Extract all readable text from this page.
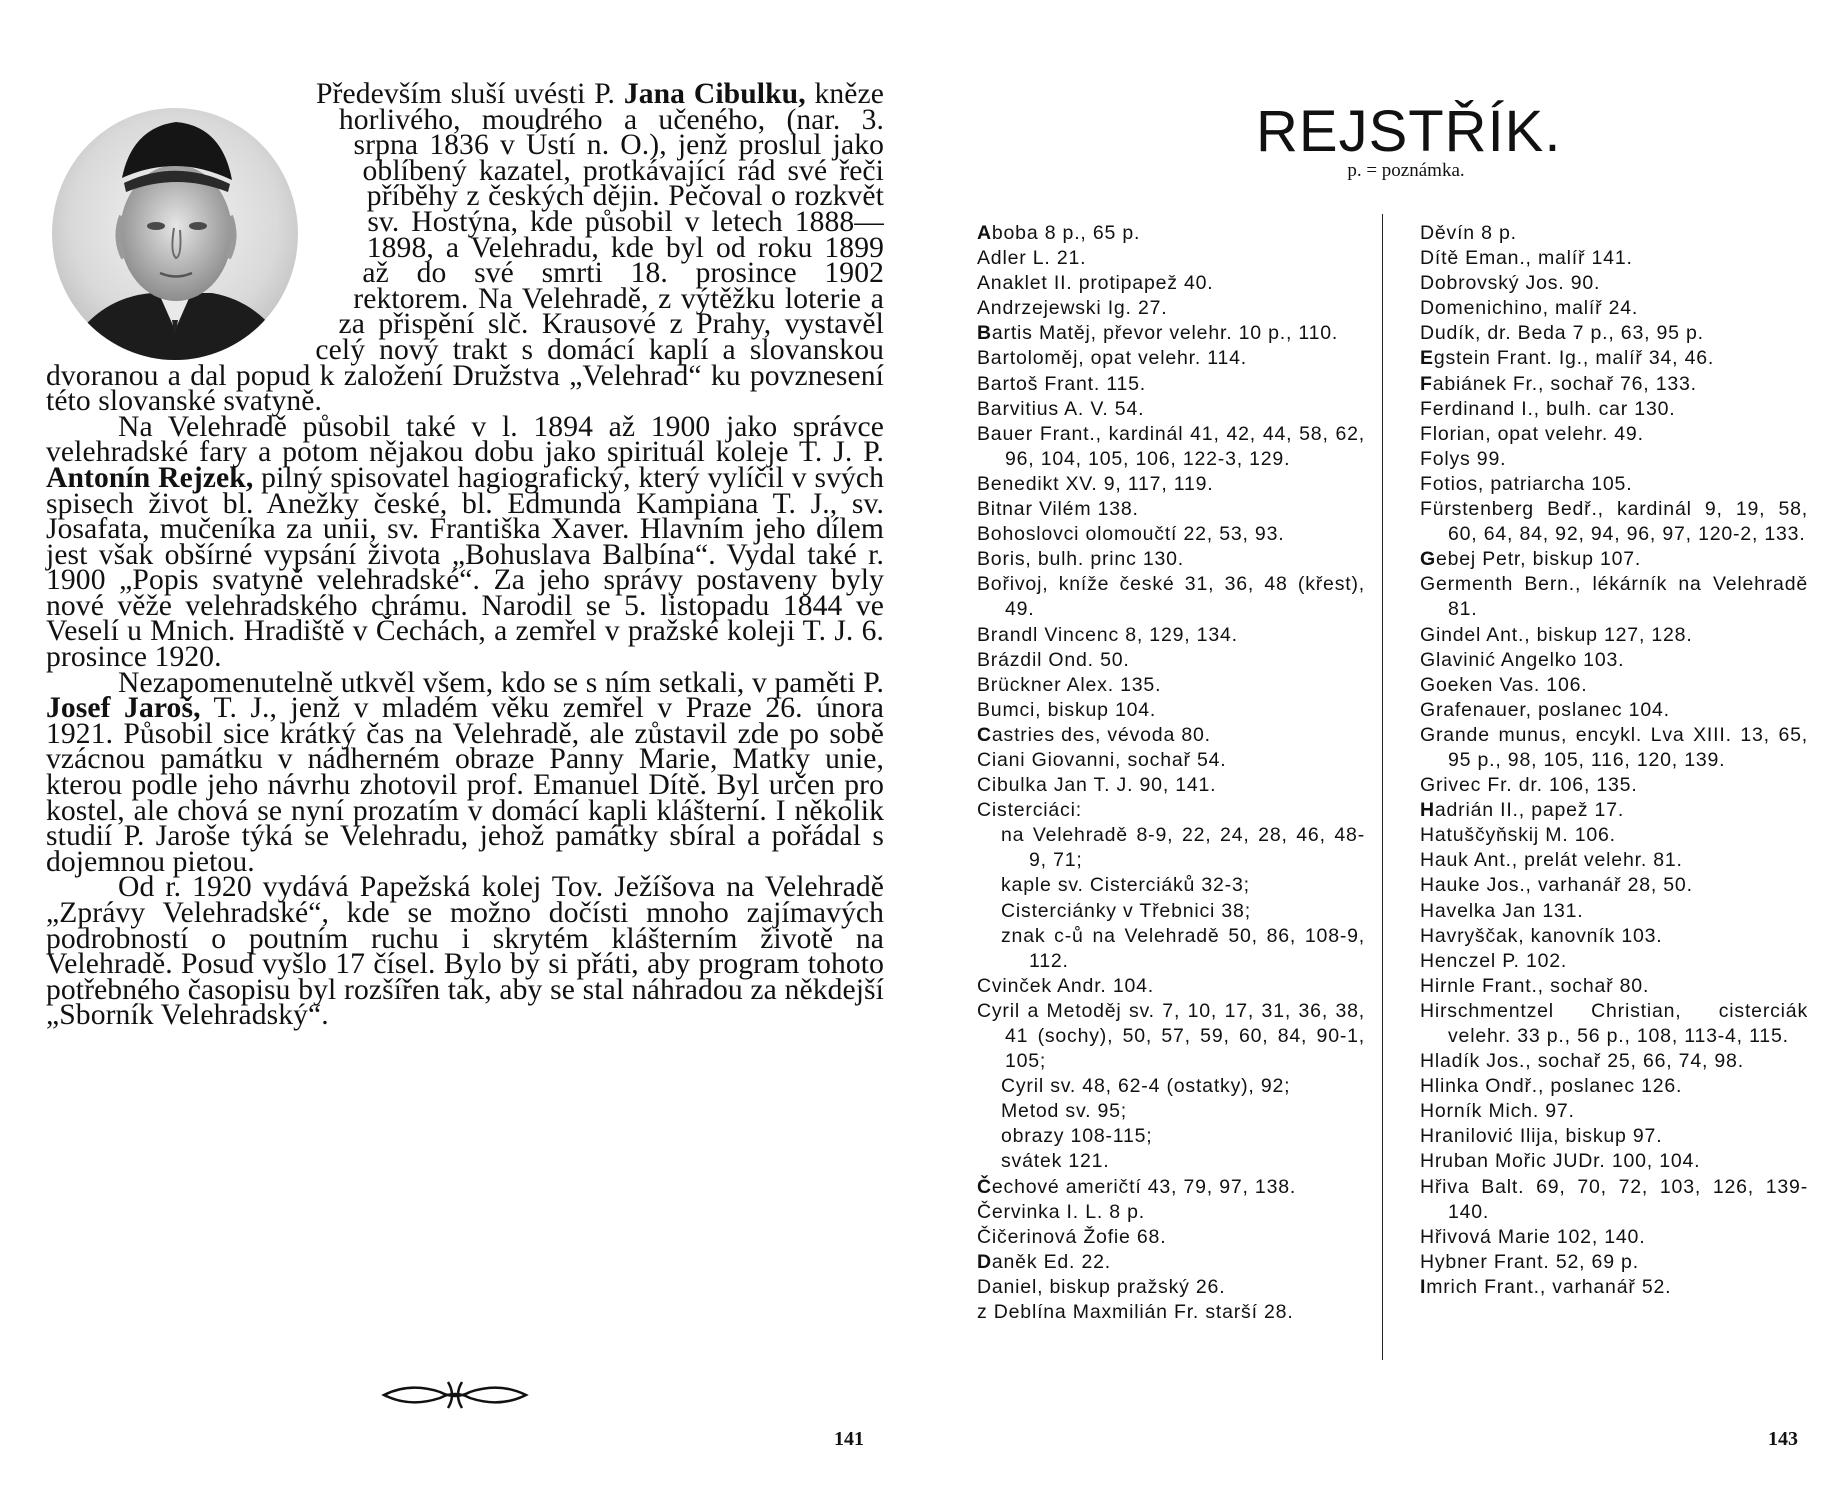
Především sluší uvésti P. Jana Cibulku, kněze horlivého, moudrého a učeného, (nar. 3. srpna 1836 v Ústí n. O.), jenž proslul jako oblíbený kazatel, protkávající rád své řeči příběhy z českých dějin. Pečoval o rozkvět sv. Hostýna, kde působil v letech 1888—1898, a Velehradu, kde byl od roku 1899 až do své smrti 18. prosince 1902 rektorem. Na Velehradě, z výtěžku loterie a za přispění slč. Krausové z Prahy, vystavěl celý nový trakt s domácí kaplí a slovanskou dvoranou a dal popud k založení Družstva „Velehrad“ ku povznesení této slovanské svatyně.

Na Velehradě působil také v l. 1894 až 1900 jako správce velehradské fary a potom nějakou dobu jako spirituál koleje T. J. P. Antonín Rejzek, pilný spisovatel hagiografický, který vylíčil v svých spisech život bl. Anežky české, bl. Edmunda Kampiana T. J., sv. Josafata, mučeníka za unii, sv. Františka Xaver. Hlavním jeho dílem jest však obšírné vypsání života „Bohuslava Balbína“. Vydal také r. 1900 „Popis svatyně velehradské“. Za jeho správy postaveny byly nové věže velehradského chrámu. Narodil se 5. listopadu 1844 ve Veselí u Mnich. Hradiště v Čechách, a zemřel v pražské koleji T. J. 6. prosince 1920.

Nezapomenutelně utkvěl všem, kdo se s ním setkali, v paměti P. Josef Jaroš, T. J., jenž v mladém věku zemřel v Praze 26. února 1921. Působil sice krátký čas na Velehradě, ale zůstavil zde po sobě vzácnou památku v nádherném obraze Panny Marie, Matky unie, kterou podle jeho návrhu zhotovil prof. Emanuel Dítě. Byl určen pro kostel, ale chová se nyní prozatím v domácí kapli klášterní. I několik studií P. Jaroše týká se Velehradu, jehož památky sbíral a pořádal s dojemnou pietou.

Od r. 1920 vydává Papežská kolej Tov. Ježíšova na Velehradě „Zprávy Velehradské“, kde se možno dočísti mnoho zajímavých podrobností o poutním ruchu i skrytém klášterním životě na Velehradě. Posud vyšlo 17 čísel. Bylo by si přáti, aby program tohoto potřebného časopisu byl rozšířen tak, aby se stal náhradou za někdejší „Sborník Velehradský“.

141
REJSTŘÍK.
p. = poznámka.

Aboba 8 p., 65 p.

Adler L. 21.

Anaklet II. protipapež 40.

Andrzejewski Ig. 27.

Bartis Matěj, převor velehr. 10 p., 110.

Bartoloměj, opat velehr. 114.

Bartoš Frant. 115.

Barvitius A. V. 54.

Bauer Frant., kardinál 41, 42, 44, 58, 62, 96, 104, 105, 106, 122-3, 129.

Benedikt XV. 9, 117, 119.

Bitnar Vilém 138.

Bohoslovci olomoučtí 22, 53, 93.

Boris, bulh. princ 130.

Bořivoj, kníže české 31, 36, 48 (křest), 49.

Brandl Vincenc 8, 129, 134.

Brázdil Ond. 50.

Brückner Alex. 135.

Bumci, biskup 104.

Castries des, vévoda 80.

Ciani Giovanni, sochař 54.

Cibulka Jan T. J. 90, 141.

Cisterciáci:

na Velehradě 8-9, 22, 24, 28, 46, 48-9, 71;

kaple sv. Cisterciáků 32-3;

Cisterciánky v Třebnici 38;

znak c-ů na Velehradě 50, 86, 108-9, 112.

Cvinček Andr. 104.

Cyril a Metoděj sv. 7, 10, 17, 31, 36, 38, 41 (sochy), 50, 57, 59, 60, 84, 90-1, 105;

Cyril sv. 48, 62-4 (ostatky), 92;

Metod sv. 95;

obrazy 108-115;

svátek 121.

Čechové američtí 43, 79, 97, 138.

Červinka I. L. 8 p.

Čičerinová Žofie 68.

Daněk Ed. 22.

Daniel, biskup pražský 26.

z Deblína Maxmilián Fr. starší 28.

Děvín 8 p.

Dítě Eman., malíř 141.

Dobrovský Jos. 90.

Domenichino, malíř 24.

Dudík, dr. Beda 7 p., 63, 95 p.

Egstein Frant. Ig., malíř 34, 46.

Fabiánek Fr., sochař 76, 133.

Ferdinand I., bulh. car 130.

Florian, opat velehr. 49.

Folys 99.

Fotios, patriarcha 105.

Fürstenberg Bedř., kardinál 9, 19, 58, 60, 64, 84, 92, 94, 96, 97, 120-2, 133.

Gebej Petr, biskup 107.

Germenth Bern., lékárník na Velehradě 81.

Gindel Ant., biskup 127, 128.

Glavinić Angelko 103.

Goeken Vas. 106.

Grafenauer, poslanec 104.

Grande munus, encykl. Lva XIII. 13, 65, 95 p., 98, 105, 116, 120, 139.

Grivec Fr. dr. 106, 135.

Hadrián II., papež 17.

Hatuščyňskij M. 106.

Hauk Ant., prelát velehr. 81.

Hauke Jos., varhanář 28, 50.

Havelka Jan 131.

Havryščak, kanovník 103.

Henczel P. 102.

Hirnle Frant., sochař 80.

Hirschmentzel Christian, cisterciák velehr. 33 p., 56 p., 108, 113-4, 115.

Hladík Jos., sochař 25, 66, 74, 98.

Hlinka Ondř., poslanec 126.

Horník Mich. 97.

Hranilović Ilija, biskup 97.

Hruban Mořic JUDr. 100, 104.

Hřiva Balt. 69, 70, 72, 103, 126, 139-140.

Hřivová Marie 102, 140.

Hybner Frant. 52, 69 p.

Imrich Frant., varhanář 52.

143
